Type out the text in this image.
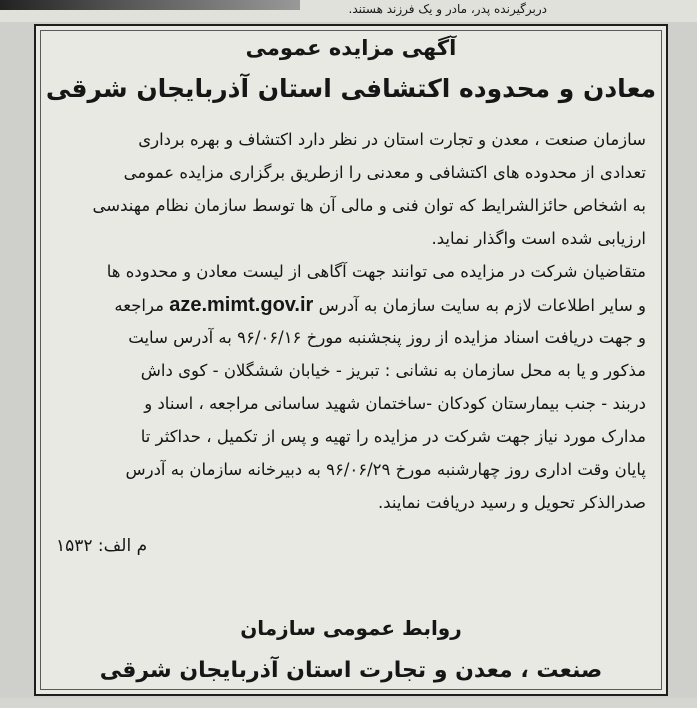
دربرگیرنده پدر، مادر و یک فرزند هستند.
آگهی مزایده عمومی
معادن و محدوده اکتشافی استان آذربایجان شرقی
سازمان صنعت ، معدن و تجارت استان در نظر دارد اکتشاف و بهره برداری
تعدادی از محدوده های اکتشافی و معدنی را ازطریق برگزاری مزایده عمومی
به اشخاص حائزالشرایط که توان فنی و مالی آن ها توسط سازمان نظام مهندسی
ارزیابی شده است واگذار نماید.
متقاضیان شرکت در مزایده می توانند جهت آگاهی از لیست معادن و محدوده ها
و سایر اطلاعات لازم به سایت سازمان به آدرس aze.mimt.gov.ir مراجعه
و جهت دریافت اسناد مزایده از روز پنجشنبه مورخ ۹۶/۰۶/۱۶ به آدرس سایت
مذکور و یا به محل سازمان به نشانی : تبریز - خیابان ششگلان - کوی داش
دربند - جنب بیمارستان کودکان -ساختمان شهید ساسانی مراجعه ، اسناد و
مدارک مورد نیاز جهت شرکت در مزایده را تهیه و پس از تکمیل ، حداکثر تا
پایان وقت اداری روز چهارشنبه مورخ ۹۶/۰۶/۲۹ به دبیرخانه سازمان به آدرس
صدرالذکر تحویل و رسید دریافت نمایند.
م الف: ۱۵۳۲
روابط عمومی سازمان
صنعت ، معدن و تجارت استان آذربایجان شرقی
